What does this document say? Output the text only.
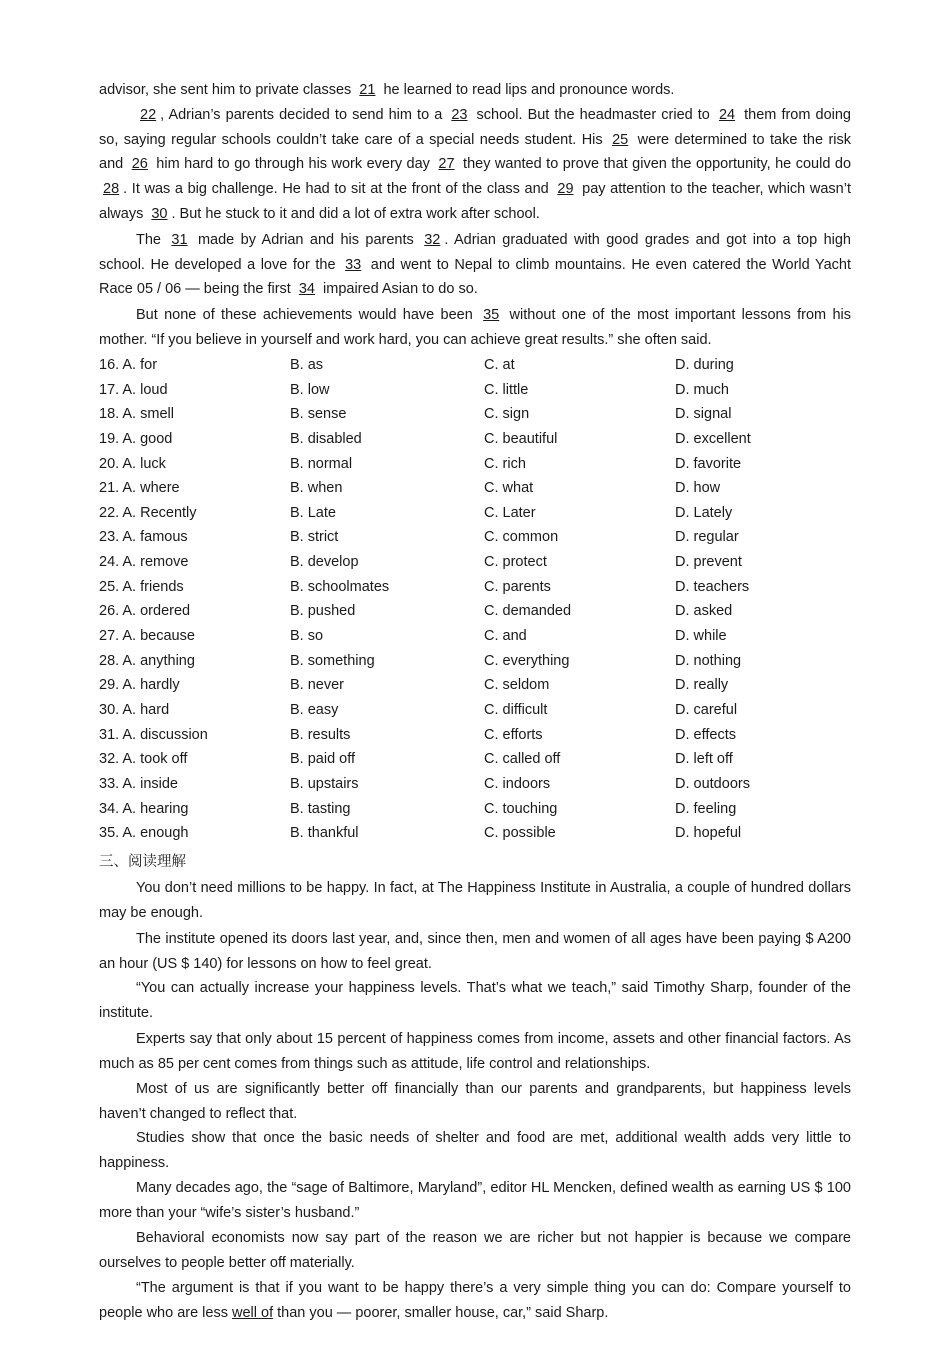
advisor, she sent him to private classes 21 he learned to read lips and pronounce words.

22 , Adrian’s parents decided to send him to a 23 school. But the headmaster cried to 24 them from doing so, saying regular schools couldn’t take care of a special needs student. His 25 were determined to take the risk and 26 him hard to go through his work every day 27 they wanted to prove that given the opportunity, he could do 28 . It was a big challenge. He had to sit at the front of the class and 29 pay attention to the teacher, which wasn’t always 30 . But he stuck to it and did a lot of extra work after school.

The 31 made by Adrian and his parents 32 . Adrian graduated with good grades and got into a top high school. He developed a love for the 33 and went to Nepal to climb mountains. He even catered the World Yacht Race 05 / 06 — being the first 34 impaired Asian to do so.

But none of these achievements would have been 35 without one of the most important lessons from his mother. “If you believe in yourself and work hard, you can achieve great results.” she often said.

16. A. for	B. as	C. at	D. during
17. A. loud	B. low	C. little	D. much
18. A. smell	B. sense	C. sign	D. signal
19. A. good	B. disabled	C. beautiful	D. excellent
20. A. luck	B. normal	C. rich	D. favorite
21. A. where	B. when	C. what	D. how
22. A. Recently	B. Late	C. Later	D. Lately
23. A. famous	B. strict	C. common	D. regular
24. A. remove	B. develop	C. protect	D. prevent
25. A. friends	B. schoolmates	C. parents	D. teachers
26. A. ordered	B. pushed	C. demanded	D. asked
27. A. because	B. so	C. and	D. while
28. A. anything	B. something	C. everything	D. nothing
29. A. hardly	B. never	C. seldom	D. really
30. A. hard	B. easy	C. difficult	D. careful
31. A. discussion	B. results	C. efforts	D. effects
32. A. took off	B. paid off	C. called off	D. left off
33. A. inside	B. upstairs	C. indoors	D. outdoors
34. A. hearing	B. tasting	C. touching	D. feeling
35. A. enough	B. thankful	C. possible	D. hopeful
三、阅读理解

You don’t need millions to be happy. In fact, at The Happiness Institute in Australia, a couple of hundred dollars may be enough.

The institute opened its doors last year, and, since then, men and women of all ages have been paying $ A200 an hour (US $ 140) for lessons on how to feel great.

“You can actually increase your happiness levels. That’s what we teach,” said Timothy Sharp, founder of the institute.

Experts say that only about 15 percent of happiness comes from income, assets and other financial factors. As much as 85 per cent comes from things such as attitude, life control and relationships.

Most of us are significantly better off financially than our parents and grandparents, but happiness levels haven’t changed to reflect that.

Studies show that once the basic needs of shelter and food are met, additional wealth adds very little to happiness.

Many decades ago, the “sage of Baltimore, Maryland”, editor HL Mencken, defined wealth as earning US $ 100 more than your “wife’s sister’s husband.”

Behavioral economists now say part of the reason we are richer but not happier is because we compare ourselves to people better off materially.

“The argument is that if you want to be happy there’s a very simple thing you can do: Compare yourself to people who are less well of than you — poorer, smaller house, car,” said Sharp.
